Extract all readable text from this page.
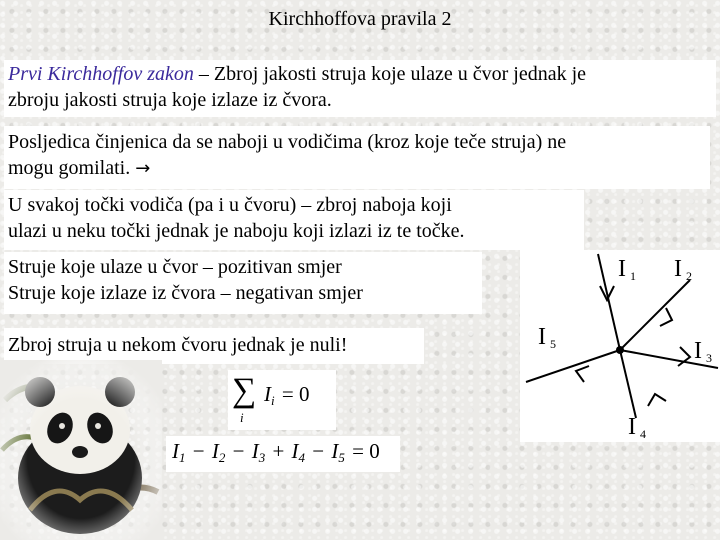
Kirchhoffova pravila 2
Prvi Kirchhoffov zakon – Zbroj jakosti struja koje ulaze u čvor jednak je
zbroju jakosti struja koje izlaze iz čvora.
Posljedica činjenica da se naboji u vodičima (kroz koje teče struja) ne
mogu gomilati. →
U svakoj točki vodiča (pa i u čvoru) – zbroj naboja koji
ulazi u neku točki jednak je naboju koji izlazi iz te točke.
Struje koje ulaze u čvor – pozitivan smjer
Struje koje izlaze iz čvora – negativan smjer
Zbroj struja u nekom čvoru jednak je nuli!
I 1 I 2
I 3
I 4
I 5
∑
i
$I_i = 0$
$I_1 - I_2 - I_3 + I_4 - I_5 = 0$
